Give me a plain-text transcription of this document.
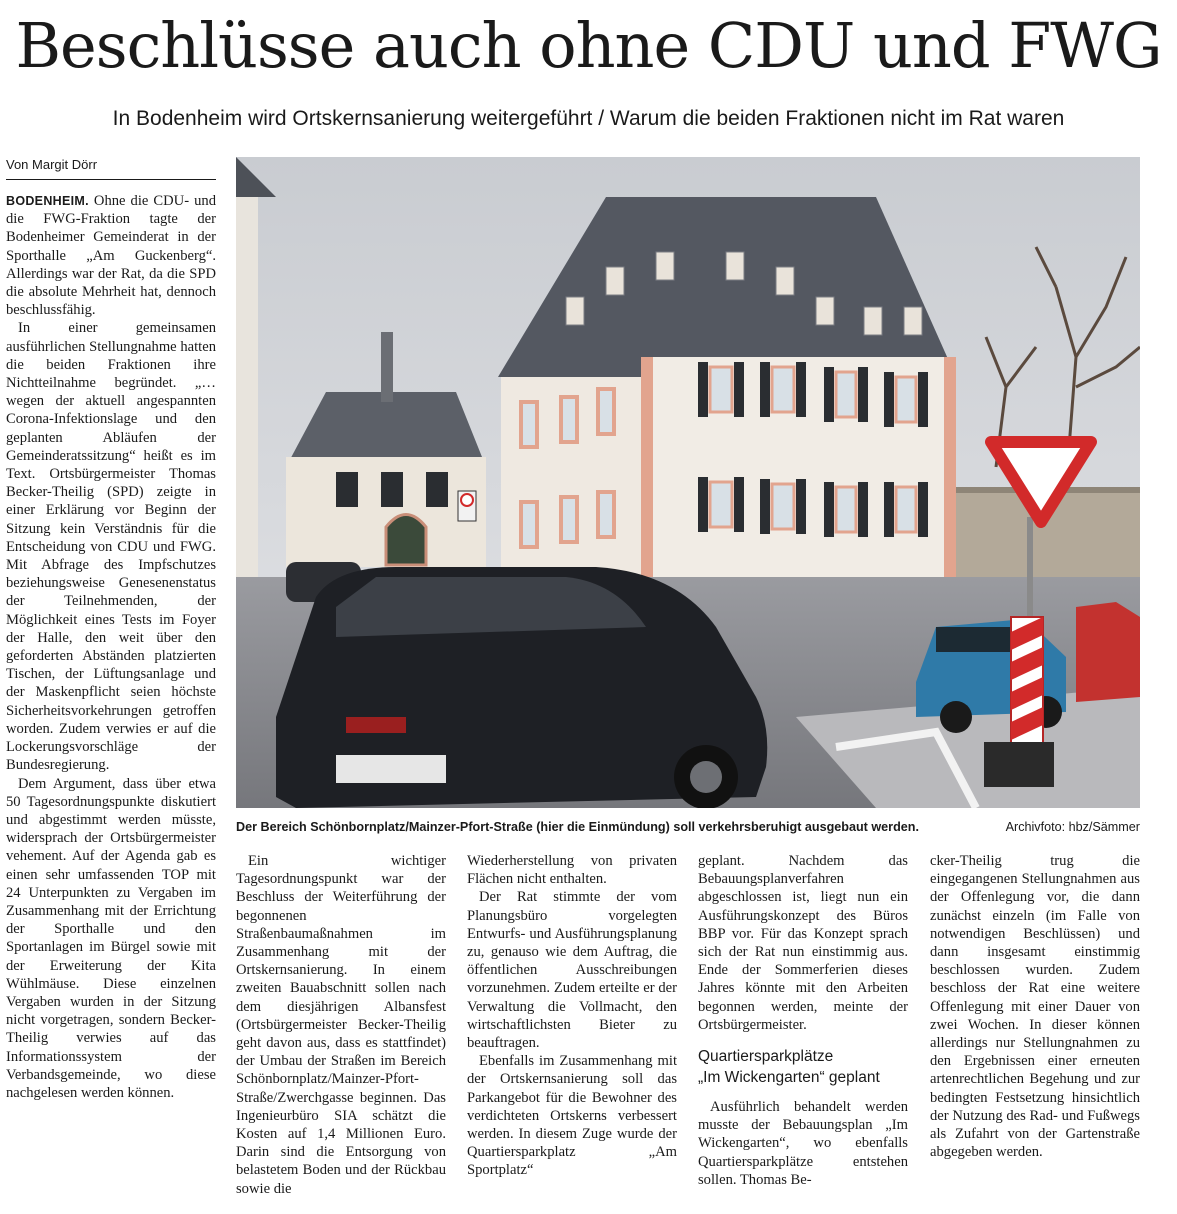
Beschlüsse auch ohne CDU und FWG
In Bodenheim wird Ortskernsanierung weitergeführt / Warum die beiden Fraktionen nicht im Rat waren
Von Margit Dörr

BODENHEIM. Ohne die CDU- und die FWG-Fraktion tagte der Bodenheimer Gemeinderat in der Sporthalle „Am Guckenberg“. Allerdings war der Rat, da die SPD die absolute Mehrheit hat, dennoch beschlussfähig.

In einer gemeinsamen ausführlichen Stellungnahme hatten die beiden Fraktionen ihre Nichtteilnahme begründet. „…wegen der aktuell angespannten Corona-Infektionslage und den geplanten Abläufen der Gemeinderatssitzung“ heißt es im Text. Ortsbürgermeister Thomas Becker-Theilig (SPD) zeigte in einer Erklärung vor Beginn der Sitzung kein Verständnis für die Entscheidung von CDU und FWG. Mit Abfrage des Impfschutzes beziehungsweise Genesenenstatus der Teilnehmenden, der Möglichkeit eines Tests im Foyer der Halle, den weit über den geforderten Abständen platzierten Tischen, der Lüftungsanlage und der Maskenpflicht seien höchste Sicherheitsvorkehrungen getroffen worden. Zudem verwies er auf die Lockerungsvorschläge der Bundesregierung.

Dem Argument, dass über etwa 50 Tagesordnungspunkte diskutiert und abgestimmt werden müsste, widersprach der Ortsbürgermeister vehement. Auf der Agenda gab es einen sehr umfassenden TOP mit 24 Unterpunkten zu Vergaben im Zusammenhang mit der Errichtung der Sporthalle und den Sportanlagen im Bürgel sowie mit der Erweiterung der Kita Wühlmäuse. Diese einzelnen Vergaben wurden in der Sitzung nicht vorgetragen, sondern Becker-Theilig verwies auf das Informationssystem der Verbandsgemeinde, wo diese nachgelesen werden können.

Der Bereich Schönbornplatz/Mainzer-Pfort-Straße (hier die Einmündung) soll verkehrsberuhigt ausgebaut werden.	Archivfoto: hbz/Sämmer

Ein wichtiger Tagesordnungspunkt war der Beschluss der Weiterführung der begonnenen Straßenbaumaßnahmen im Zusammenhang mit der Ortskernsanierung. In einem zweiten Bauabschnitt sollen nach dem diesjährigen Albansfest (Ortsbürgermeister Becker-Theilig geht davon aus, dass es stattfindet) der Umbau der Straßen im Bereich Schönbornplatz/Mainzer-Pfort-Straße/Zwerchgasse beginnen. Das Ingenieurbüro SIA schätzt die Kosten auf 1,4 Millionen Euro. Darin sind die Entsorgung von belastetem Boden und der Rückbau sowie die

Wiederherstellung von privaten Flächen nicht enthalten.

Der Rat stimmte der vom Planungsbüro vorgelegten Entwurfs- und Ausführungsplanung zu, genauso wie dem Auftrag, die öffentlichen Ausschreibungen vorzunehmen. Zudem erteilte er der Verwaltung die Vollmacht, den wirtschaftlichsten Bieter zu beauftragen.

Ebenfalls im Zusammenhang mit der Ortskernsanierung soll das Parkangebot für die Bewohner des verdichteten Ortskerns verbessert werden. In diesem Zuge wurde der Quartiersparkplatz „Am Sportplatz“

geplant. Nachdem das Bebauungsplanverfahren abgeschlossen ist, liegt nun ein Ausführungskonzept des Büros BBP vor. Für das Konzept sprach sich der Rat nun einstimmig aus. Ende der Sommerferien dieses Jahres könnte mit den Arbeiten begonnen werden, meinte der Ortsbürgermeister.

Quartiersparkplätze
„Im Wickengarten“ geplant

Ausführlich behandelt werden musste der Bebauungsplan „Im Wickengarten“, wo ebenfalls Quartiersparkplätze entstehen sollen. Thomas Be-

cker-Theilig trug die eingegangenen Stellungnahmen aus der Offenlegung vor, die dann zunächst einzeln (im Falle von notwendigen Beschlüssen) und dann insgesamt einstimmig beschlossen wurden. Zudem beschloss der Rat eine weitere Offenlegung mit einer Dauer von zwei Wochen. In dieser können allerdings nur Stellungnahmen zu den Ergebnissen einer erneuten artenrechtlichen Begehung und zur bedingten Festsetzung hinsichtlich der Nutzung des Rad- und Fußwegs als Zufahrt von der Gartenstraße abgegeben werden.
